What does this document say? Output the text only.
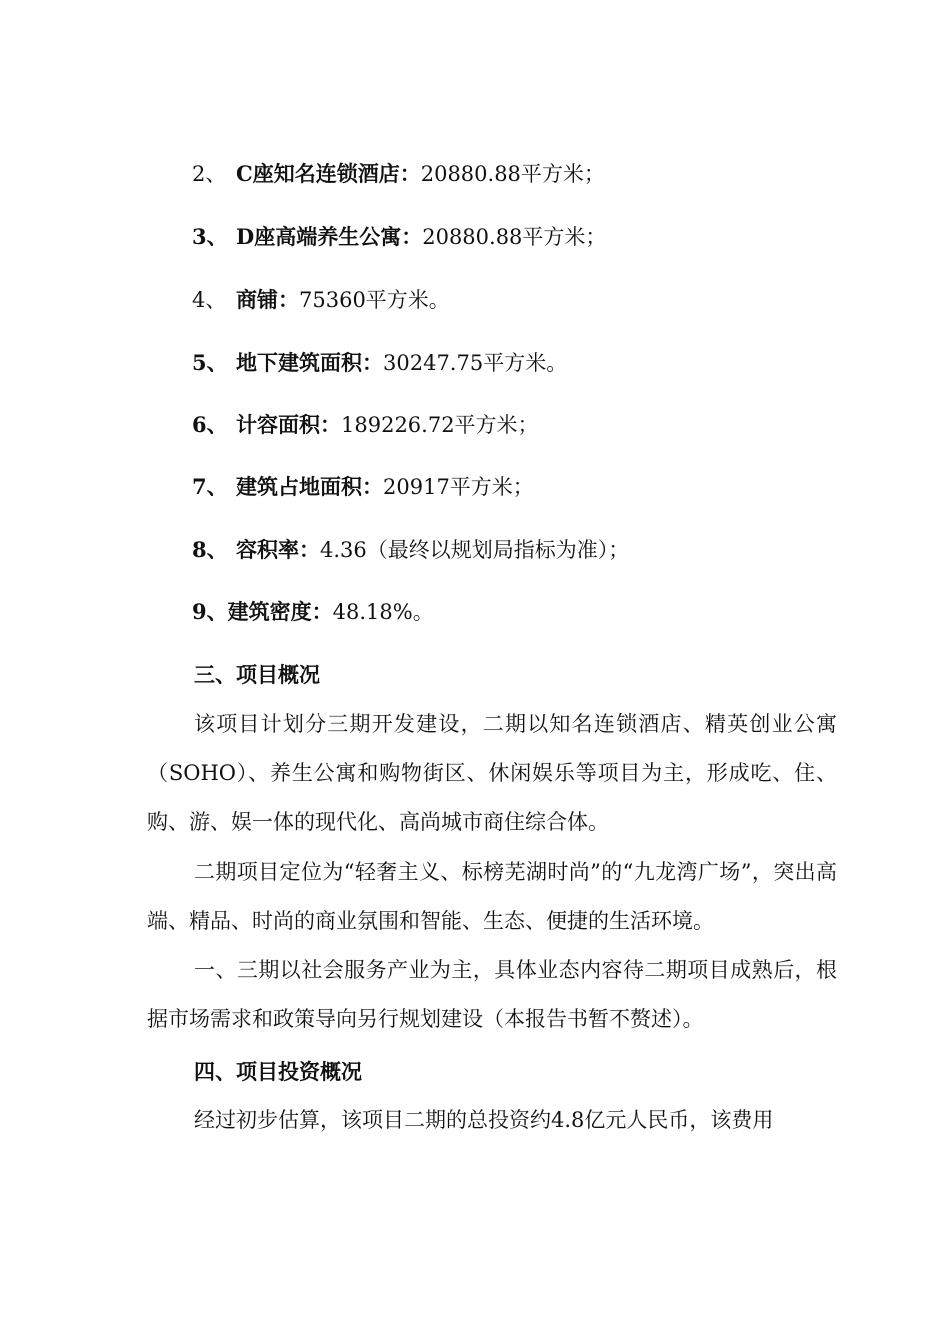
2、 C座知名连锁酒店：20880.88平方米；
3、 D座高端养生公寓：20880.88平方米；
4、 商铺：75360平方米。
5、 地下建筑面积：30247.75平方米。
6、 计容面积：189226.72平方米；
7、 建筑占地面积：20917平方米；
8、 容积率：4.36（最终以规划局指标为准）；
9、建筑密度：48.18%。
三、项目概况
该项目计划分三期开发建设，二期以知名连锁酒店、精英创业公寓（SOHO）、养生公寓和购物街区、休闲娱乐等项目为主，形成吃、住、购、游、娱一体的现代化、高尚城市商住综合体。
二期项目定位为“轻奢主义、标榜芜湖时尚”的“九龙湾广场”，突出高端、精品、时尚的商业氛围和智能、生态、便捷的生活环境。
一、三期以社会服务产业为主，具体业态内容待二期项目成熟后，根据市场需求和政策导向另行规划建设（本报告书暂不赘述）。
四、项目投资概况
经过初步估算，该项目二期的总投资约4.8亿元人民币，该费用
